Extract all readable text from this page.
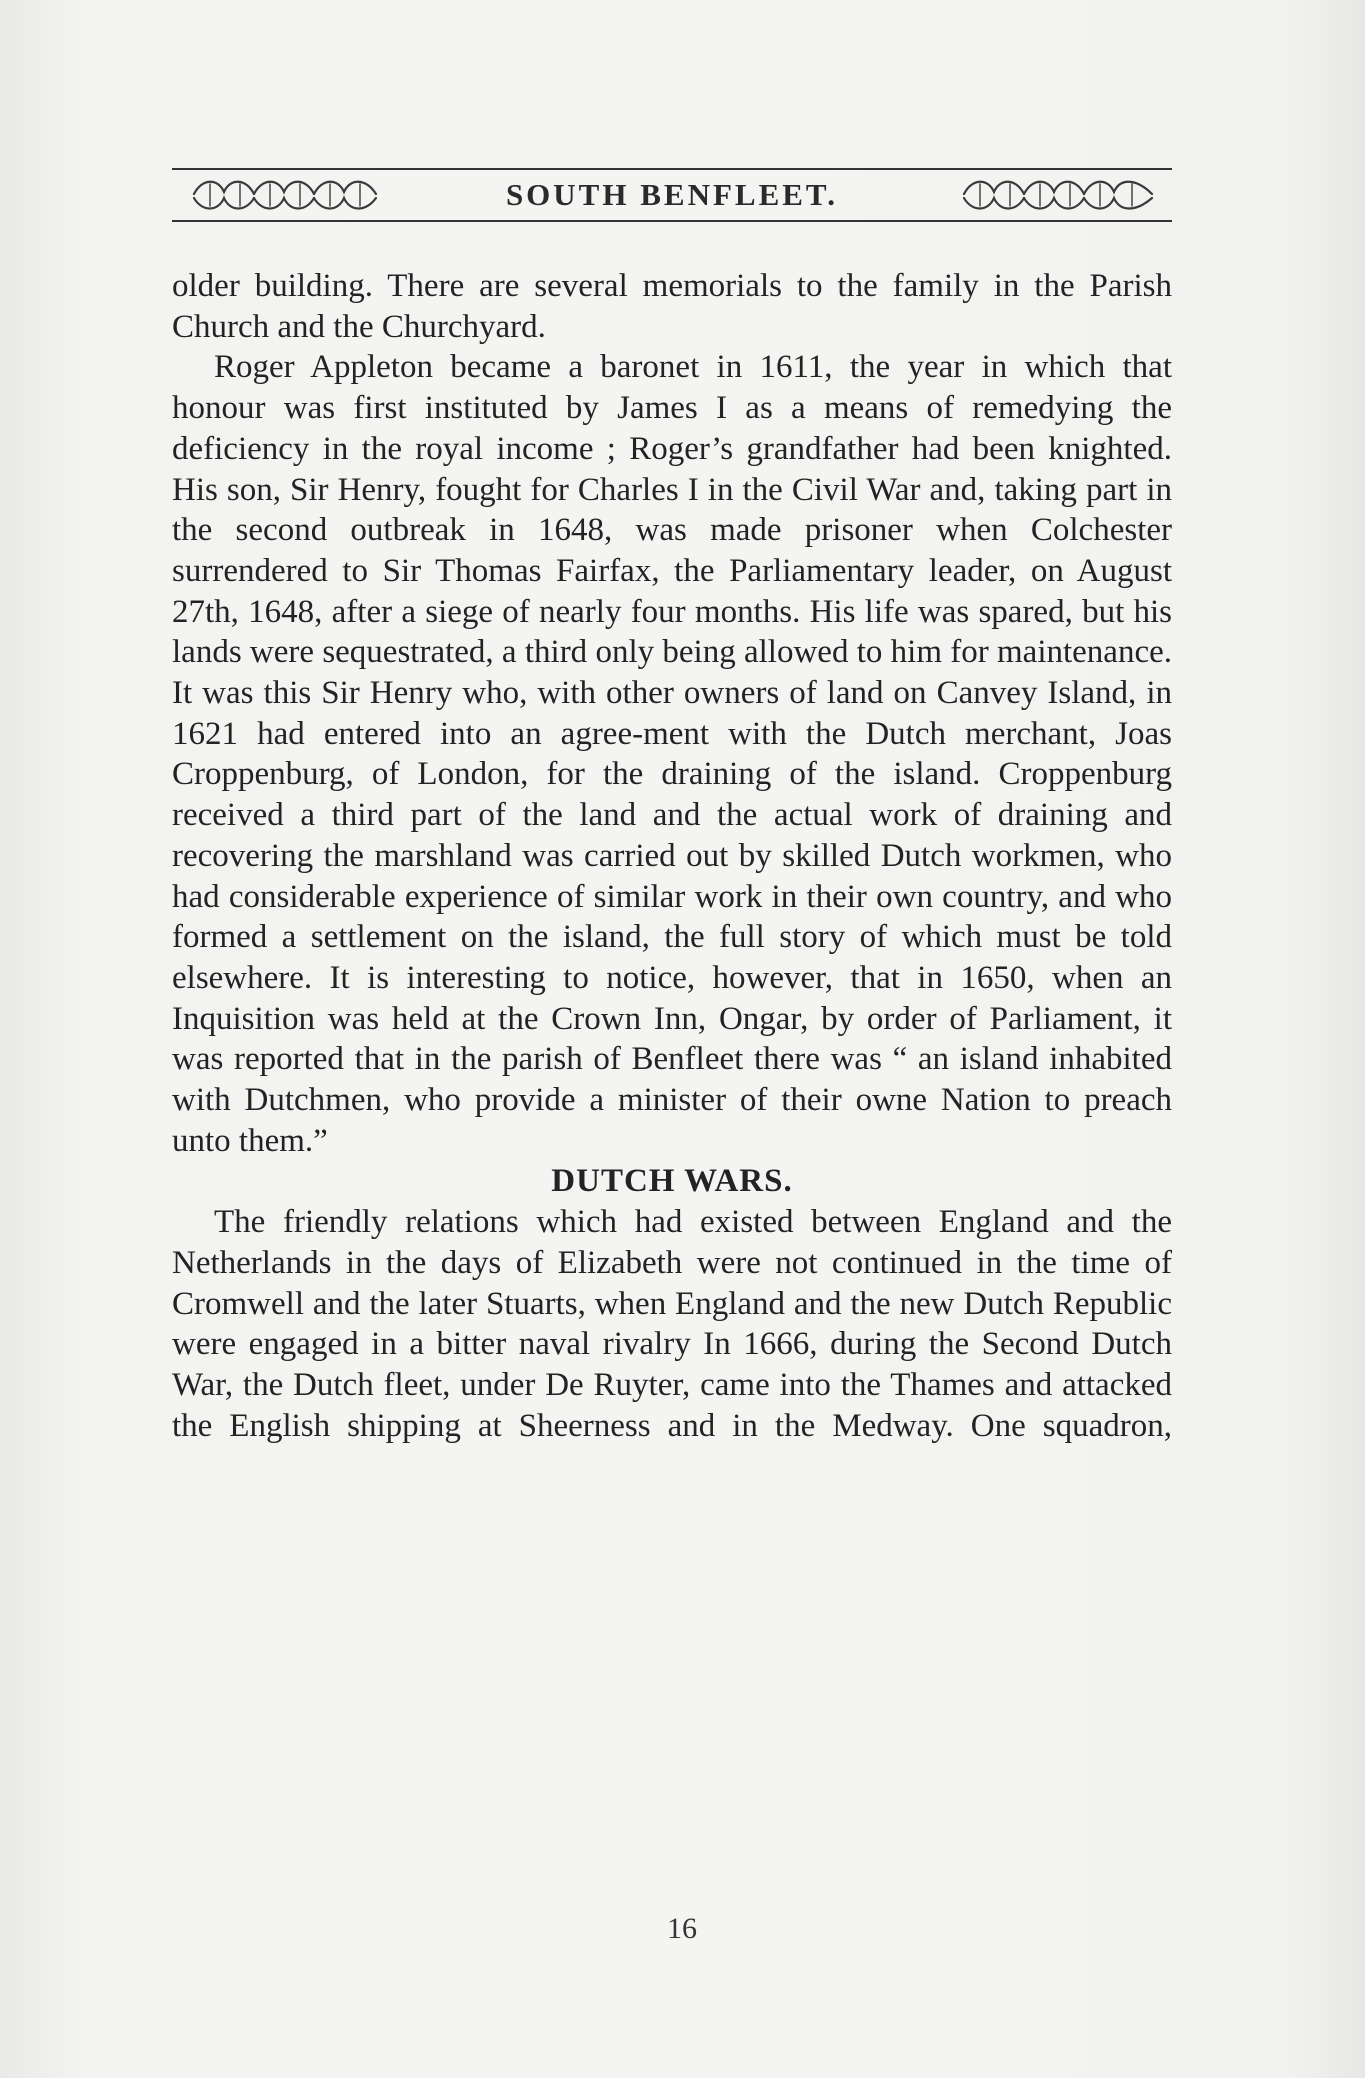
SOUTH BENFLEET.

older building. There are several memorials to the family in the Parish Church and the Churchyard.

Roger Appleton became a baronet in 1611, the year in which that honour was first instituted by James I as a means of remedying the deficiency in the royal income ; Roger’s grandfather had been knighted. His son, Sir Henry, fought for Charles I in the Civil War and, taking part in the second outbreak in 1648, was made prisoner when Colchester surrendered to Sir Thomas Fairfax, the Parliamentary leader, on August 27th, 1648, after a siege of nearly four months. His life was spared, but his lands were sequestrated, a third only being allowed to him for maintenance. It was this Sir Henry who, with other owners of land on Canvey Island, in 1621 had entered into an agree-ment with the Dutch merchant, Joas Croppenburg, of London, for the draining of the island. Croppenburg received a third part of the land and the actual work of draining and recovering the marshland was carried out by skilled Dutch workmen, who had considerable experience of similar work in their own country, and who formed a settlement on the island, the full story of which must be told elsewhere. It is interesting to notice, however, that in 1650, when an Inquisition was held at the Crown Inn, Ongar, by order of Parliament, it was reported that in the parish of Benfleet there was “ an island inhabited with Dutchmen, who provide a minister of their owne Nation to preach unto them.”

DUTCH WARS.

The friendly relations which had existed between England and the Netherlands in the days of Elizabeth were not continued in the time of Cromwell and the later Stuarts, when England and the new Dutch Republic were engaged in a bitter naval rivalry In 1666, during the Second Dutch War, the Dutch fleet, under De Ruyter, came into the Thames and attacked the English shipping at Sheerness and in the Medway. One squadron,

16
